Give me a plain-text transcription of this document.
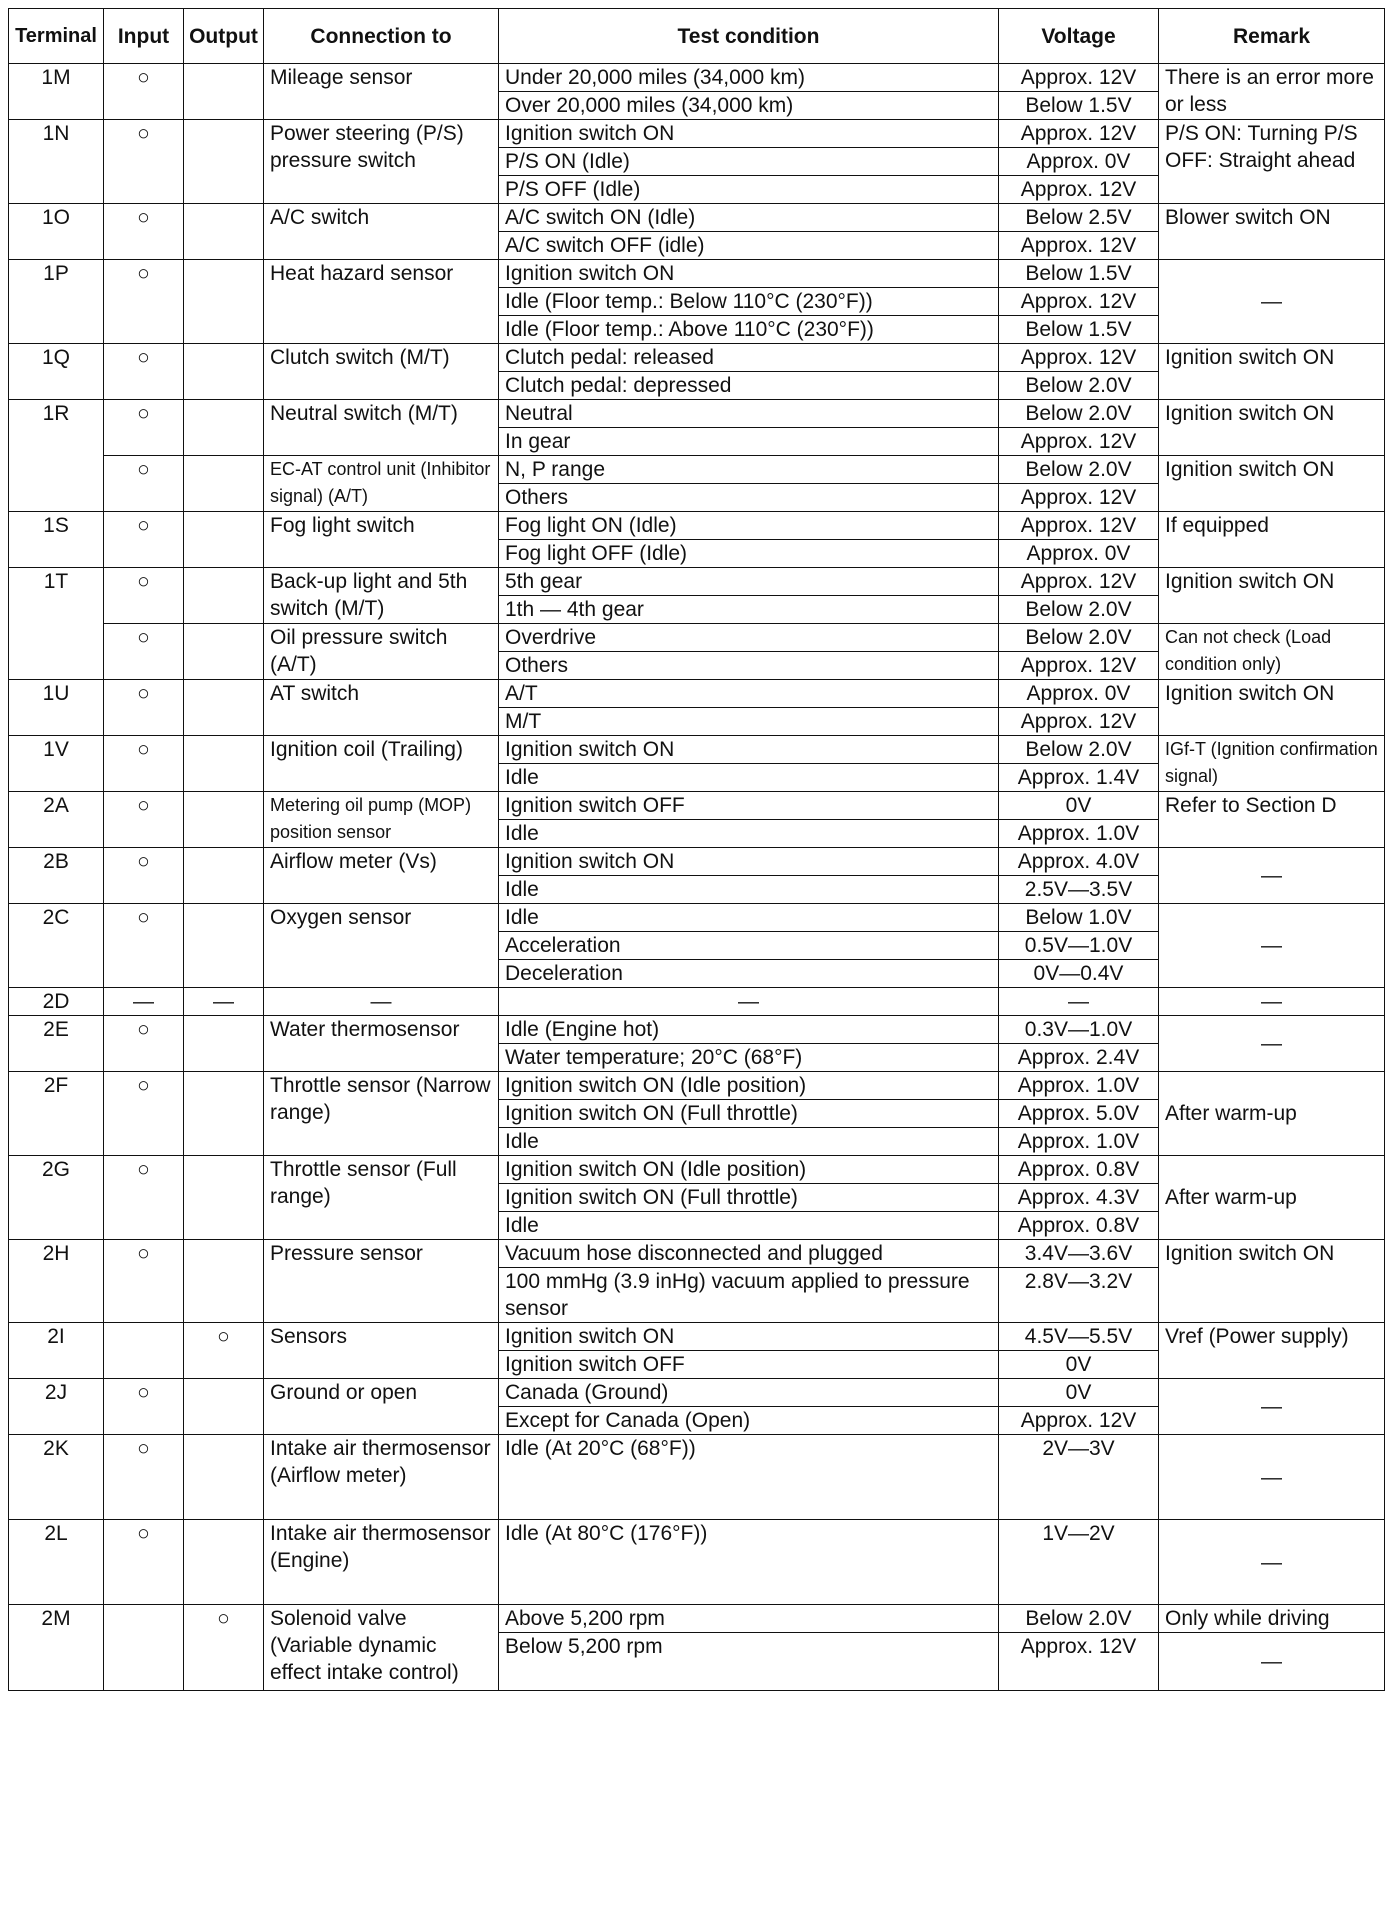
Terminal	Input	Output	Connection to	Test condition	Voltage	Remark
1M	○		Mileage sensor	Under 20,000 miles (34,000 km)	Approx. 12V	There is an error more or less
				Over 20,000 miles (34,000 km)	Below 1.5V	
1N	○		Power steering (P/S) pressure switch	Ignition switch ON	Approx. 12V	P/S ON: Turning P/S OFF: Straight ahead
				P/S ON (Idle)	Approx. 0V	
				P/S OFF (Idle)	Approx. 12V	
1O	○		A/C switch	A/C switch ON (Idle)	Below 2.5V	Blower switch ON
				A/C switch OFF (idle)	Approx. 12V	
1P	○		Heat hazard sensor	Ignition switch ON	Below 1.5V	—
				Idle (Floor temp.: Below 110°C (230°F))	Approx. 12V	
				Idle (Floor temp.: Above 110°C (230°F))	Below 1.5V	
1Q	○		Clutch switch (M/T)	Clutch pedal: released	Approx. 12V	Ignition switch ON
				Clutch pedal: depressed	Below 2.0V	
1R	○		Neutral switch (M/T)	Neutral	Below 2.0V	Ignition switch ON
				In gear	Approx. 12V	
	○		EC-AT control unit (Inhibitor signal) (A/T)	N, P range	Below 2.0V	Ignition switch ON
				Others	Approx. 12V	
1S	○		Fog light switch	Fog light ON (Idle)	Approx. 12V	If equipped
				Fog light OFF (Idle)	Approx. 0V	
1T	○		Back-up light and 5th switch (M/T)	5th gear	Approx. 12V	Ignition switch ON
				1th — 4th gear	Below 2.0V	
	○		Oil pressure switch (A/T)	Overdrive	Below 2.0V	Can not check (Load condition only)
				Others	Approx. 12V	
1U	○		AT switch	A/T	Approx. 0V	Ignition switch ON
				M/T	Approx. 12V	
1V	○		Ignition coil (Trailing)	Ignition switch ON	Below 2.0V	IGf-T (Ignition confirmation signal)
				Idle	Approx. 1.4V	
2A	○		Metering oil pump (MOP) position sensor	Ignition switch OFF	0V	Refer to Section D
				Idle	Approx. 1.0V	
2B	○		Airflow meter (Vs)	Ignition switch ON	Approx. 4.0V	—
				Idle	2.5V—3.5V	
2C	○		Oxygen sensor	Idle	Below 1.0V	—
				Acceleration	0.5V—1.0V	
				Deceleration	0V—0.4V	
2D	—	—	—	—	—	—
2E	○		Water thermosensor	Idle (Engine hot)	0.3V—1.0V	—
				Water temperature; 20°C (68°F)	Approx. 2.4V	
2F	○		Throttle sensor (Narrow range)	Ignition switch ON (Idle position)	Approx. 1.0V	After warm-up
				Ignition switch ON (Full throttle)	Approx. 5.0V	
				Idle	Approx. 1.0V	
2G	○		Throttle sensor (Full range)	Ignition switch ON (Idle position)	Approx. 0.8V	After warm-up
				Ignition switch ON (Full throttle)	Approx. 4.3V	
				Idle	Approx. 0.8V	
2H	○		Pressure sensor	Vacuum hose disconnected and plugged	3.4V—3.6V	Ignition switch ON
				100 mmHg (3.9 inHg) vacuum applied to pressure sensor	2.8V—3.2V	
2I		○	Sensors	Ignition switch ON	4.5V—5.5V	Vref (Power supply)
				Ignition switch OFF	0V	
2J	○		Ground or open	Canada (Ground)	0V	—
				Except for Canada (Open)	Approx. 12V	
2K	○		Intake air thermosensor (Airflow meter)	Idle (At 20°C (68°F))	2V—3V	—
2L	○		Intake air thermosensor (Engine)	Idle (At 80°C (176°F))	1V—2V	—
2M		○	Solenoid valve (Variable dynamic effect intake control)	Above 5,200 rpm	Below 2.0V	Only while driving
				Below 5,200 rpm	Approx. 12V	—
